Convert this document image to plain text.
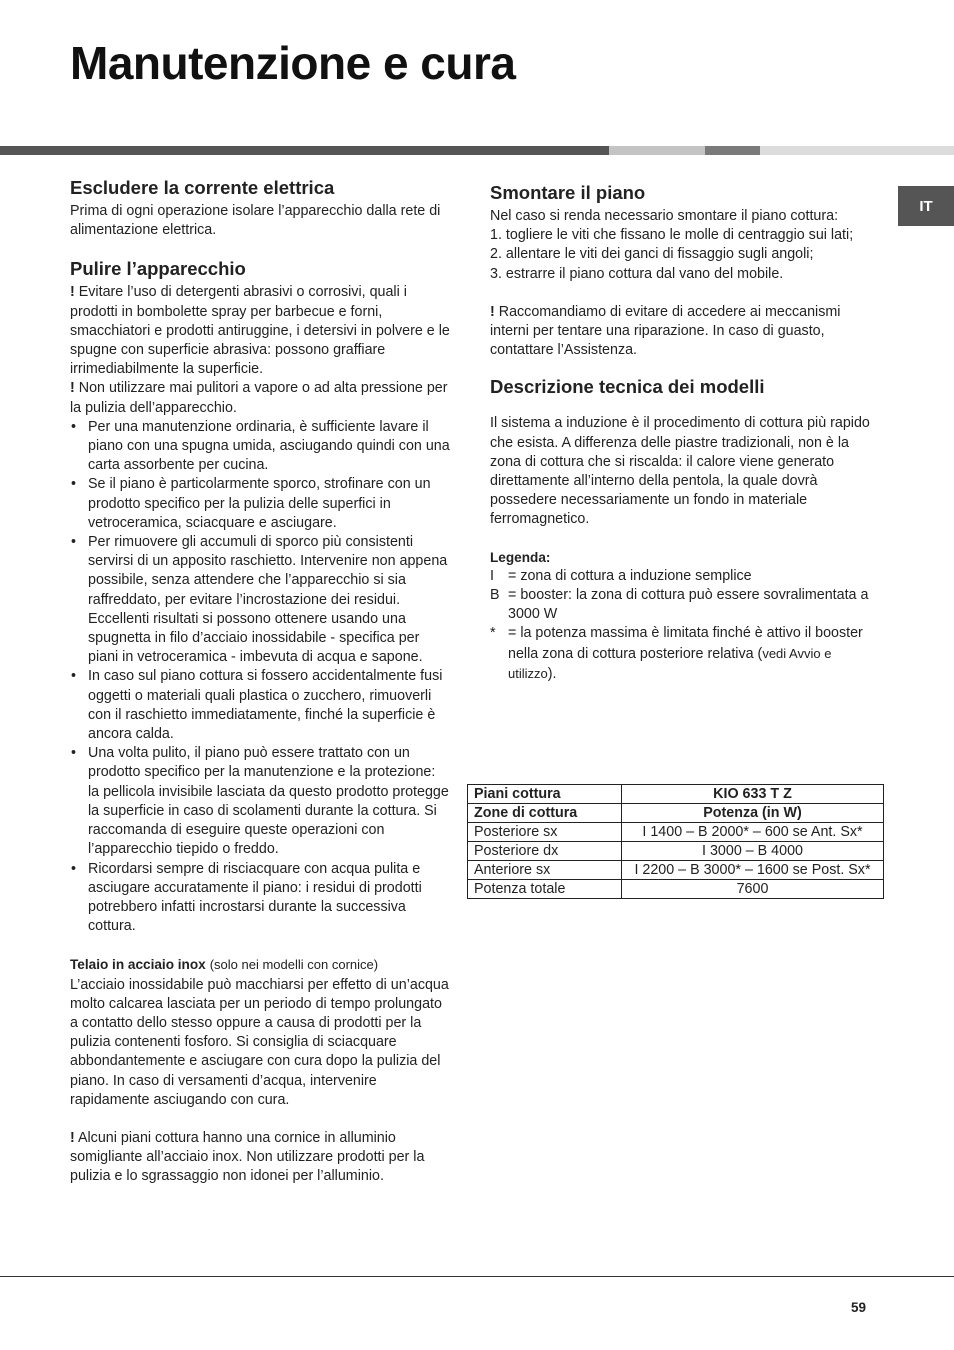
Manutenzione e cura
IT
Escludere la corrente elettrica

Prima di ogni operazione isolare l’apparecchio dalla rete di alimentazione elettrica.

Pulire l’apparecchio

! Evitare l’uso di detergenti abrasivi o corrosivi, quali i prodotti in bombolette spray per barbecue e forni, smacchiatori e prodotti antiruggine, i detersivi in polvere e le spugne con superficie abrasiva: possono graffiare irrimediabilmente la superficie.

! Non utilizzare mai pulitori a vapore o ad alta pressione per la pulizia dell’apparecchio.

• Per una manutenzione ordinaria, è sufficiente lavare il piano con una spugna umida, asciugando quindi con una carta assorbente per cucina.
• Se il piano è particolarmente sporco, strofinare con un prodotto specifico per la pulizia delle superfici in vetroceramica, sciacquare e asciugare.
• Per rimuovere gli accumuli di sporco più consistenti servirsi di un apposito raschietto. Intervenire non appena possibile, senza attendere che l’apparecchio si sia raffreddato, per evitare l’incrostazione dei residui. Eccellenti risultati si possono ottenere usando una spugnetta in filo d’acciaio inossidabile - specifica per piani in vetroceramica - imbevuta di acqua e sapone.
• In caso sul piano cottura si fossero accidentalmente fusi oggetti o materiali quali plastica o zucchero, rimuoverli con il raschietto immediatamente, finché la superficie è ancora calda.
• Una volta pulito, il piano può essere trattato con un prodotto specifico per la manutenzione e la protezione: la pellicola invisibile lasciata da questo prodotto protegge la superficie in caso di scolamenti durante la cottura. Si raccomanda di eseguire queste operazioni con l’apparecchio tiepido o freddo.
• Ricordarsi sempre di risciacquare con acqua pulita e asciugare accuratamente il piano: i residui di prodotti potrebbero infatti incrostarsi durante la successiva cottura.

Telaio in acciaio inox (solo nei modelli con cornice)

L’acciaio inossidabile può macchiarsi per effetto di un’acqua molto calcarea lasciata per un periodo di tempo prolungato a contatto dello stesso oppure a causa di prodotti per la pulizia contenenti fosforo. Si consiglia di sciacquare abbondantemente e asciugare con cura dopo la pulizia del piano. In caso di versamenti d’acqua, intervenire rapidamente asciugando con cura.

! Alcuni piani cottura hanno una cornice in alluminio somigliante all’acciaio inox. Non utilizzare prodotti per la pulizia e lo sgrassaggio non idonei per l’alluminio.

Smontare il piano

Nel caso si renda necessario smontare il piano cottura:

1. togliere le viti che fissano le molle di centraggio sui lati;

2. allentare le viti dei ganci di fissaggio sugli angoli;

3. estrarre il piano cottura dal vano del mobile.

! Raccomandiamo di evitare di accedere ai meccanismi interni per tentare una riparazione. In caso di guasto, contattare l’Assistenza.

Descrizione tecnica dei modelli

Il sistema a induzione è il procedimento di cottura più rapido che esista. A differenza delle piastre tradizionali, non è la zona di cottura che si riscalda: il calore viene generato direttamente all’interno della pentola, la quale dovrà possedere necessariamente un fondo in materiale ferromagnetico.

Legenda:

I = zona di cottura a induzione semplice
B = booster: la zona di cottura può essere sovralimentata a 3000 W
* = la potenza massima è limitata finché è attivo il booster nella zona di cottura posteriore relativa (vedi Avvio e utilizzo).
Piani cottura	KIO 633 T Z
Zone di cottura	Potenza (in W)
Posteriore sx	I 1400 – B 2000* – 600 se Ant. Sx*
Posteriore dx	I 3000 – B 4000
Anteriore sx	I 2200 – B 3000* – 1600 se Post. Sx*
Potenza totale	7600
59
